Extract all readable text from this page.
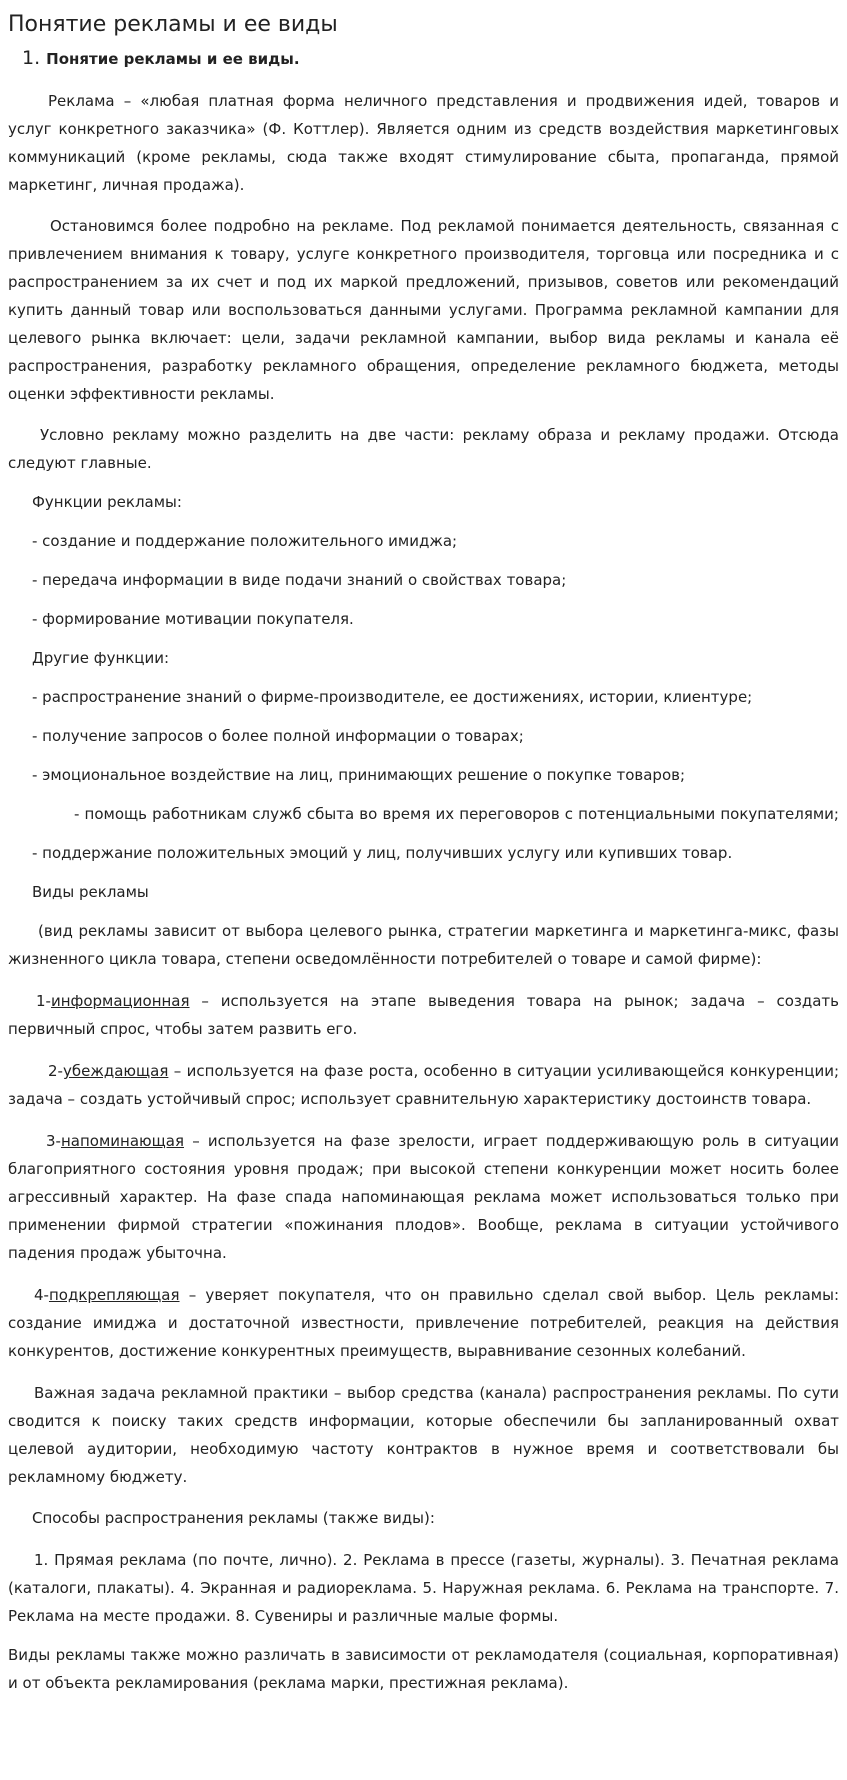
Понятие рекламы и ее виды
1. Понятие рекламы и ее виды.

Реклама – «любая платная форма неличного представления и продвижения идей, товаров и услуг конкретного заказчика» (Ф. Коттлер). Является одним из средств воздействия маркетинговых коммуникаций (кроме рекламы, сюда также входят стимулирование сбыта, пропаганда, прямой маркетинг, личная продажа).

Остановимся более подробно на рекламе. Под рекламой понимается деятельность, связанная с привлечением внимания к товару, услуге конкретного производителя, торговца или посредника и с распространением за их счет и под их маркой предложений, призывов, советов или рекомендаций купить данный товар или воспользоваться данными услугами. Программа рекламной кампании для целевого рынка включает: цели, задачи рекламной кампании, выбор вида рекламы и канала её распространения, разработку рекламного обращения, определение рекламного бюджета, методы оценки эффективности рекламы.

Условно рекламу можно разделить на две части: рекламу образа и рекламу продажи. Отсюда следуют главные.

Функции рекламы:

- создание и поддержание положительного имиджа;

- передача информации в виде подачи знаний о свойствах товара;

- формирование мотивации покупателя.

Другие функции:

- распространение знаний о фирме-производителе, ее достижениях, истории, клиентуре;

- получение запросов о более полной информации о товарах;

- эмоциональное воздействие на лиц, принимающих решение о покупке товаров;

- помощь работникам служб сбыта во время их переговоров с потенциальными покупателями;

- поддержание положительных эмоций у лиц, получивших услугу или купивших товар.

Виды рекламы

(вид рекламы зависит от выбора целевого рынка, стратегии маркетинга и маркетинга-микс, фазы жизненного цикла товара, степени осведомлённости потребителей о товаре и самой фирме):

1-информационная – используется на этапе выведения товара на рынок; задача – создать первичный спрос, чтобы затем развить его.

2-убеждающая – используется на фазе роста, особенно в ситуации усиливающейся конкуренции; задача – создать устойчивый спрос; использует сравнительную характеристику достоинств товара.

3-напоминающая – используется на фазе зрелости, играет поддерживающую роль в ситуации благоприятного состояния уровня продаж; при высокой степени конкуренции может носить более агрессивный характер. На фазе спада напоминающая реклама может использоваться только при применении фирмой стратегии «пожинания плодов». Вообще, реклама в ситуации устойчивого падения продаж убыточна.

4-подкрепляющая – уверяет покупателя, что он правильно сделал свой выбор. Цель рекламы: создание имиджа и достаточной известности, привлечение потребителей, реакция на действия конкурентов, достижение конкурентных преимуществ, выравнивание сезонных колебаний.

Важная задача рекламной практики – выбор средства (канала) распространения рекламы. По сути сводится к поиску таких средств информации, которые обеспечили бы запланированный охват целевой аудитории, необходимую частоту контрактов в нужное время и соответствовали бы рекламному бюджету.

Способы распространения рекламы (также виды):

1. Прямая реклама (по почте, лично). 2. Реклама в прессе (газеты, журналы). 3. Печатная реклама (каталоги, плакаты). 4. Экранная и радиореклама. 5. Наружная реклама. 6. Реклама на транспорте. 7. Реклама на месте продажи. 8. Сувениры и различные малые формы.

Виды рекламы также можно различать в зависимости от рекламодателя (социальная, корпоративная) и от объекта рекламирования (реклама марки, престижная реклама).
